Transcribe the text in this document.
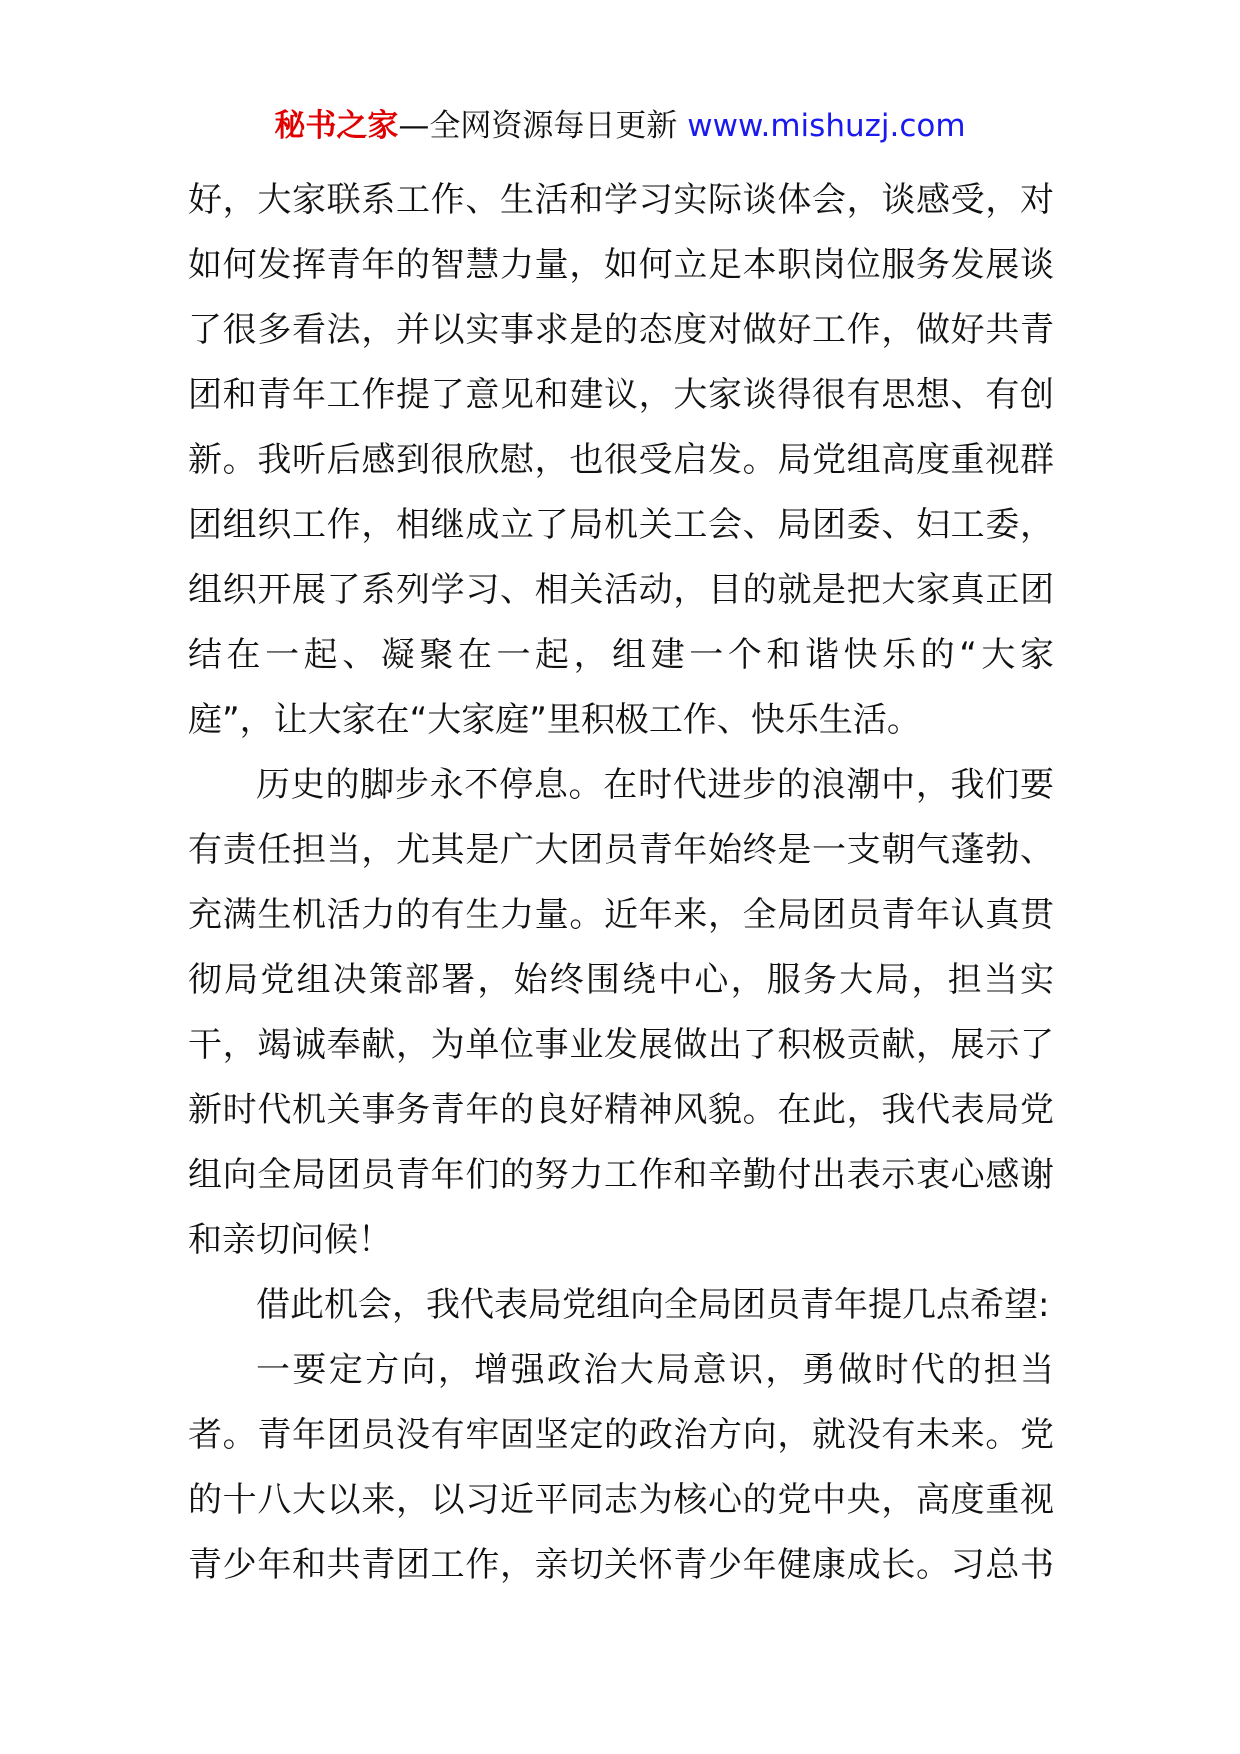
秘书之家—全网资源每日更新 www.mishuzj.com
好，大家联系工作、生活和学习实际谈体会，谈感受，对
如何发挥青年的智慧力量，如何立足本职岗位服务发展谈
了很多看法，并以实事求是的态度对做好工作，做好共青
团和青年工作提了意见和建议，大家谈得很有思想、有创
新。我听后感到很欣慰，也很受启发。局党组高度重视群
团组织工作，相继成立了局机关工会、局团委、妇工委，
组织开展了系列学习、相关活动，目的就是把大家真正团
结在一起、凝聚在一起，组建一个和谐快乐的“大家
庭”，让大家在“大家庭”里积极工作、快乐生活。
历史的脚步永不停息。在时代进步的浪潮中，我们要
有责任担当，尤其是广大团员青年始终是一支朝气蓬勃、
充满生机活力的有生力量。近年来，全局团员青年认真贯
彻局党组决策部署，始终围绕中心，服务大局，担当实
干，竭诚奉献，为单位事业发展做出了积极贡献，展示了
新时代机关事务青年的良好精神风貌。在此，我代表局党
组向全局团员青年们的努力工作和辛勤付出表示衷心感谢
和亲切问候！
借此机会，我代表局党组向全局团员青年提几点希望:
一要定方向，增强政治大局意识，勇做时代的担当
者。青年团员没有牢固坚定的政治方向，就没有未来。党
的十八大以来，以习近平同志为核心的党中央，高度重视
青少年和共青团工作，亲切关怀青少年健康成长。习总书
